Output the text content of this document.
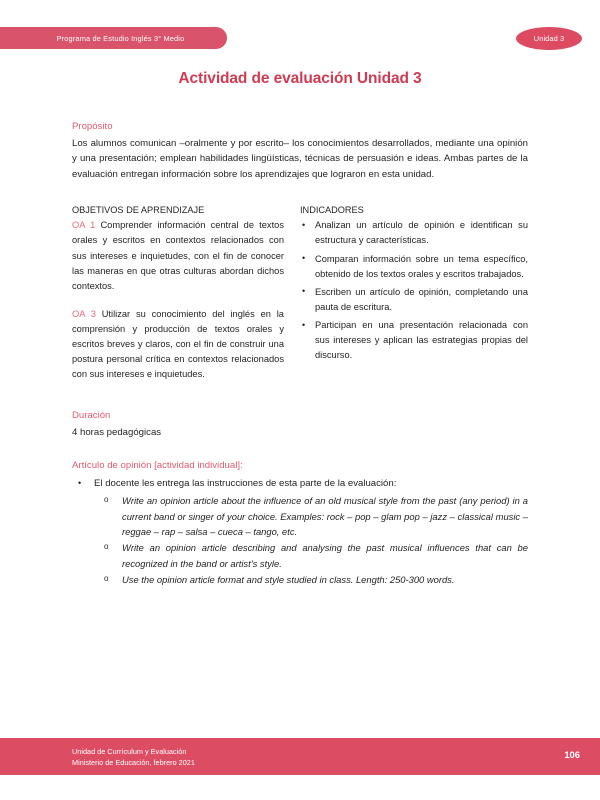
Programa de Estudio Inglés 3° Medio	Unidad 3
Actividad de evaluación Unidad 3
Propósito

Los alumnos comunican –oralmente y por escrito– los conocimientos desarrollados, mediante una opinión y una presentación; emplean habilidades lingüísticas, técnicas de persuasión e ideas. Ambas partes de la evaluación entregan información sobre los aprendizajes que lograron en esta unidad.

OBJETIVOS DE APRENDIZAJE

OA 1 Comprender información central de textos orales y escritos en contextos relacionados con sus intereses e inquietudes, con el fin de conocer las maneras en que otras culturas abordan dichos contextos.

OA 3 Utilizar su conocimiento del inglés en la comprensión y producción de textos orales y escritos breves y claros, con el fin de construir una postura personal crítica en contextos relacionados con sus intereses e inquietudes.

INDICADORES
• Analizan un artículo de opinión e identifican su estructura y características.
• Comparan información sobre un tema específico, obtenido de los textos orales y escritos trabajados.
• Escriben un artículo de opinión, completando una pauta de escritura.
• Participan en una presentación relacionada con sus intereses y aplican las estrategias propias del discurso.
Duración

4 horas pedagógicas

Artículo de opinión [actividad individual]:
• El docente les entrega las instrucciones de esta parte de la evaluación:
o Write an opinion article about the influence of an old musical style from the past (any period) in a current band or singer of your choice. Examples: rock – pop – glam pop – jazz – classical music – reggae – rap – salsa – cueca – tango, etc.
o Write an opinion article describing and analysing the past musical influences that can be recognized in the band or artist’s style.
o Use the opinion article format and style studied in class. Length: 250-300 words.
Unidad de Currículum y Evaluación
Ministerio de Educación, febrero 2021
106
